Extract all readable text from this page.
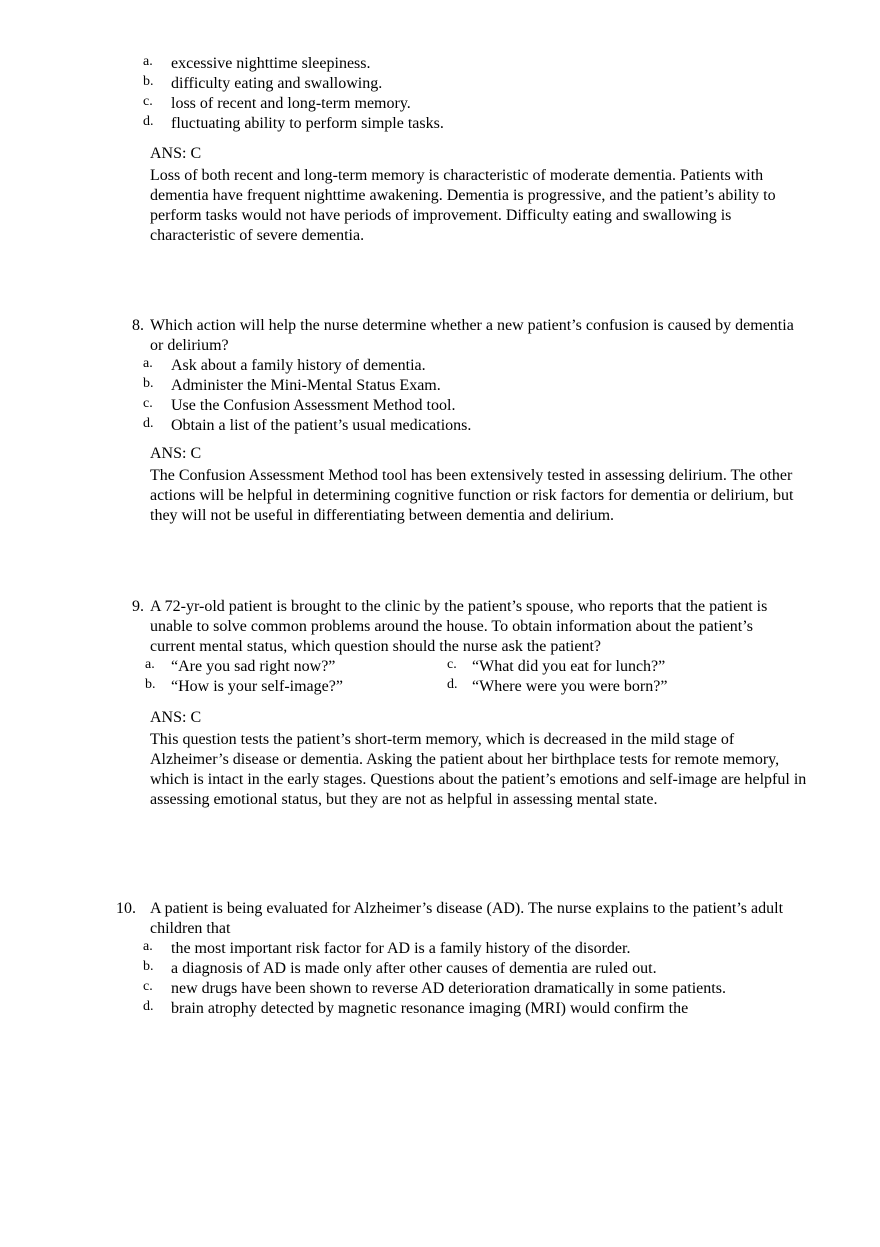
a. excessive nighttime sleepiness.
b. difficulty eating and swallowing.
c. loss of recent and long-term memory.
d. fluctuating ability to perform simple tasks.
ANS: C
Loss of both recent and long-term memory is characteristic of moderate dementia. Patients with dementia have frequent nighttime awakening. Dementia is progressive, and the patient’s ability to perform tasks would not have periods of improvement. Difficulty eating and swallowing is characteristic of severe dementia.
8. Which action will help the nurse determine whether a new patient’s confusion is caused by dementia or delirium?
a. Ask about a family history of dementia.
b. Administer the Mini-Mental Status Exam.
c. Use the Confusion Assessment Method tool.
d. Obtain a list of the patient’s usual medications.
ANS: C
The Confusion Assessment Method tool has been extensively tested in assessing delirium. The other actions will be helpful in determining cognitive function or risk factors for dementia or delirium, but they will not be useful in differentiating between dementia and delirium.
9. A 72-yr-old patient is brought to the clinic by the patient’s spouse, who reports that the patient is unable to solve common problems around the house. To obtain information about the patient’s current mental status, which question should the nurse ask the patient?
a. “Are you sad right now?”	c. “What did you eat for lunch?”
b. “How is your self-image?”	d. “Where were you were born?”
ANS: C
This question tests the patient’s short-term memory, which is decreased in the mild stage of Alzheimer’s disease or dementia. Asking the patient about her birthplace tests for remote memory, which is intact in the early stages. Questions about the patient’s emotions and self-image are helpful in assessing emotional status, but they are not as helpful in assessing mental state.
10. A patient is being evaluated for Alzheimer’s disease (AD). The nurse explains to the patient’s adult children that
a. the most important risk factor for AD is a family history of the disorder.
b. a diagnosis of AD is made only after other causes of dementia are ruled out.
c. new drugs have been shown to reverse AD deterioration dramatically in some patients.
d. brain atrophy detected by magnetic resonance imaging (MRI) would confirm the
